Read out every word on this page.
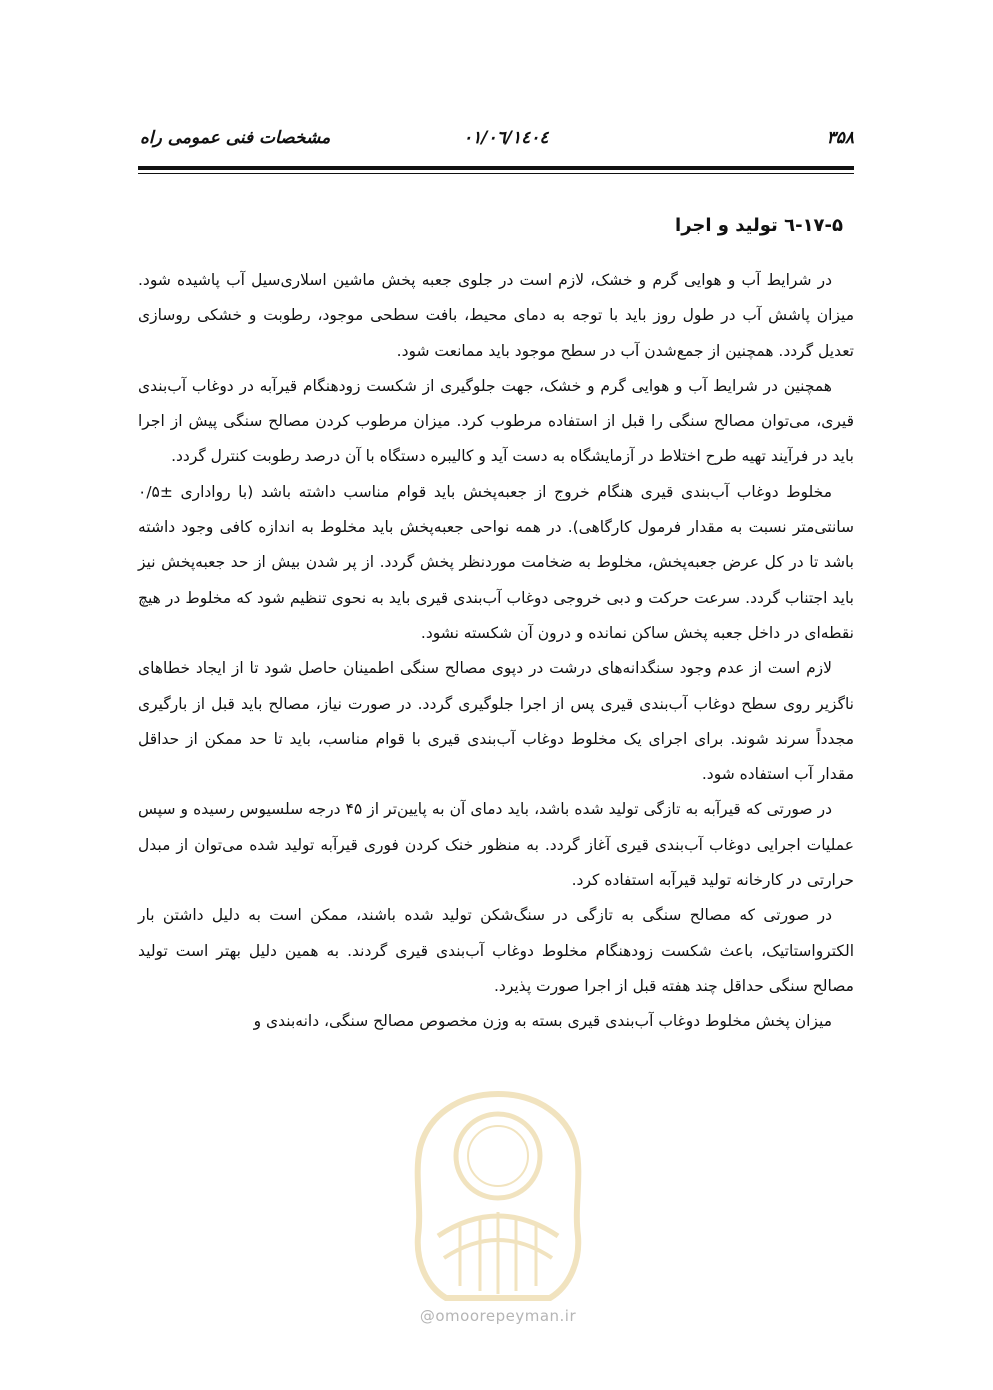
۳۵۸
۱٤۰٤/۰٦/۰۱
مشخصات فنی عمومی راه
۱۷-۵-٦ تولید و اجرا

در شرایط آب و هوایی گرم و خشک، لازم است در جلوی جعبه پخش ماشین اسلاری‌سیل آب پاشیده شود. میزان پاشش آب در طول روز باید با توجه به دمای محیط، بافت سطحی موجود، رطوبت و خشکی روسازی تعدیل گردد. همچنین از جمع‌شدن آب در سطح موجود باید ممانعت شود.

همچنین در شرایط آب و هوایی گرم و خشک، جهت جلوگیری از شکست زودهنگام قیرآبه در دوغاب آب‌بندی قیری، می‌توان مصالح سنگی را قبل از استفاده مرطوب کرد. میزان مرطوب کردن مصالح سنگی پیش از اجرا باید در فرآیند تهیه طرح اختلاط در آزمایشگاه به دست آید و کالیبره دستگاه با آن درصد رطوبت کنترل گردد.

مخلوط دوغاب آب‌بندی قیری هنگام خروج از جعبه‌پخش باید قوام مناسب داشته باشد (با رواداری ±۰/۵ سانتی‌متر نسبت به مقدار فرمول کارگاهی). در همه نواحی جعبه‌پخش باید مخلوط به اندازه کافی وجود داشته باشد تا در کل عرض جعبه‌پخش، مخلوط به ضخامت موردنظر پخش گردد. از پر شدن بیش از حد جعبه‌پخش نیز باید اجتناب گردد. سرعت حرکت و دبی خروجی دوغاب آب‌بندی قیری باید به نحوی تنظیم شود که مخلوط در هیچ نقطه‌ای در داخل جعبه پخش ساکن نمانده و درون آن شکسته نشود.

لازم است از عدم وجود سنگدانه‌های درشت در دپوی مصالح سنگی اطمینان حاصل شود تا از ایجاد خطاهای ناگزیر روی سطح دوغاب آب‌بندی قیری پس از اجرا جلوگیری گردد. در صورت نیاز، مصالح باید قبل از بارگیری مجدداً سرند شوند. برای اجرای یک مخلوط دوغاب آب‌بندی قیری با قوام مناسب، باید تا حد ممکن از حداقل مقدار آب استفاده شود.

در صورتی که قیرآبه به تازگی تولید شده باشد، باید دمای آن به پایین‌تر از ۴۵ درجه سلسیوس رسیده و سپس عملیات اجرایی دوغاب آب‌بندی قیری آغاز گردد. به منظور خنک کردن فوری قیرآبه تولید شده می‌توان از مبدل حرارتی در کارخانه تولید قیرآبه استفاده کرد.

در صورتی که مصالح سنگی به تازگی در سنگ‌شکن تولید شده باشند، ممکن است به دلیل داشتن بار الکترواستاتیک، باعث شکست زودهنگام مخلوط دوغاب آب‌بندی قیری گردند. به همین دلیل بهتر است تولید مصالح سنگی حداقل چند هفته قبل از اجرا صورت پذیرد.

میزان پخش مخلوط دوغاب آب‌بندی قیری بسته به وزن مخصوص مصالح سنگی، دانه‌بندی و

@omoorepeyman.ir
